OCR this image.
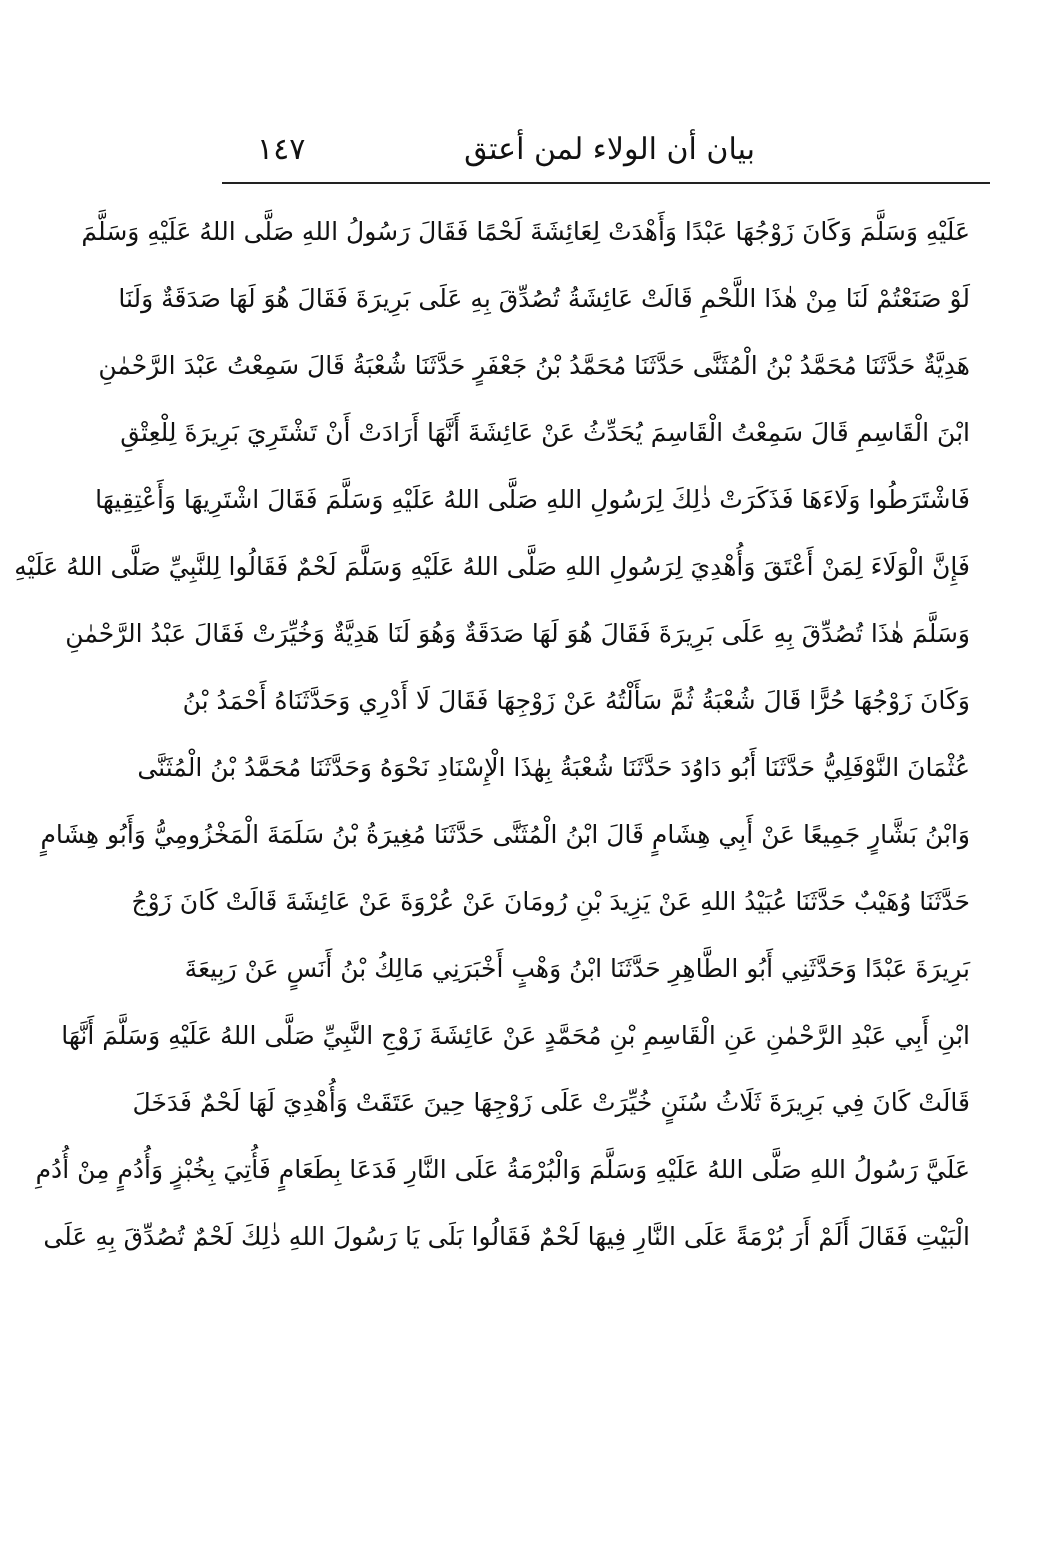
بيان أن الولاء لمن أعتق
١٤٧
عَلَيْهِ وَسَلَّمَ وَكَانَ زَوْجُهَا عَبْدًا وَأَهْدَتْ لِعَائِشَةَ لَحْمًا فَقَالَ رَسُولُ اللهِ صَلَّى اللهُ عَلَيْهِ وَسَلَّمَ
لَوْ صَنَعْتُمْ لَنَا مِنْ هٰذَا اللَّحْمِ قَالَتْ عَائِشَةُ تُصُدِّقَ بِهِ عَلَى بَرِيرَةَ فَقَالَ هُوَ لَهَا صَدَقَةٌ وَلَنَا
هَدِيَّةٌ حَدَّثَنَا مُحَمَّدُ بْنُ الْمُثَنَّى حَدَّثَنَا مُحَمَّدُ بْنُ جَعْفَرٍ حَدَّثَنَا شُعْبَةُ قَالَ سَمِعْتُ عَبْدَ الرَّحْمٰنِ
ابْنَ الْقَاسِمِ قَالَ سَمِعْتُ الْقَاسِمَ يُحَدِّثُ عَنْ عَائِشَةَ أَنَّهَا أَرَادَتْ أَنْ تَشْتَرِيَ بَرِيرَةَ لِلْعِتْقِ
فَاشْتَرَطُوا وَلَاءَهَا فَذَكَرَتْ ذٰلِكَ لِرَسُولِ اللهِ صَلَّى اللهُ عَلَيْهِ وَسَلَّمَ فَقَالَ اشْتَرِيهَا وَأَعْتِقِيهَا
فَإِنَّ الْوَلَاءَ لِمَنْ أَعْتَقَ وَأُهْدِيَ لِرَسُولِ اللهِ صَلَّى اللهُ عَلَيْهِ وَسَلَّمَ لَحْمٌ فَقَالُوا لِلنَّبِيِّ صَلَّى اللهُ عَلَيْهِ
وَسَلَّمَ هٰذَا تُصُدِّقَ بِهِ عَلَى بَرِيرَةَ فَقَالَ هُوَ لَهَا صَدَقَةٌ وَهُوَ لَنَا هَدِيَّةٌ وَخُيِّرَتْ فَقَالَ عَبْدُ الرَّحْمٰنِ
وَكَانَ زَوْجُهَا حُرًّا قَالَ شُعْبَةُ ثُمَّ سَأَلْتُهُ عَنْ زَوْجِهَا فَقَالَ لَا أَدْرِي وَحَدَّثَنَاهُ أَحْمَدُ بْنُ
عُثْمَانَ النَّوْفَلِيُّ حَدَّثَنَا أَبُو دَاوُدَ حَدَّثَنَا شُعْبَةُ بِهٰذَا الْإِسْنَادِ نَحْوَهُ وَحَدَّثَنَا مُحَمَّدُ بْنُ الْمُثَنَّى
وَابْنُ بَشَّارٍ جَمِيعًا عَنْ أَبِي هِشَامٍ قَالَ ابْنُ الْمُثَنَّى حَدَّثَنَا مُغِيرَةُ بْنُ سَلَمَةَ الْمَخْزُومِيُّ وَأَبُو هِشَامٍ
حَدَّثَنَا وُهَيْبٌ حَدَّثَنَا عُبَيْدُ اللهِ عَنْ يَزِيدَ بْنِ رُومَانَ عَنْ عُرْوَةَ عَنْ عَائِشَةَ قَالَتْ كَانَ زَوْجُ
بَرِيرَةَ عَبْدًا وَحَدَّثَنِي أَبُو الطَّاهِرِ حَدَّثَنَا ابْنُ وَهْبٍ أَخْبَرَنِي مَالِكُ بْنُ أَنَسٍ عَنْ رَبِيعَةَ
ابْنِ أَبِي عَبْدِ الرَّحْمٰنِ عَنِ الْقَاسِمِ بْنِ مُحَمَّدٍ عَنْ عَائِشَةَ زَوْجِ النَّبِيِّ صَلَّى اللهُ عَلَيْهِ وَسَلَّمَ أَنَّهَا
قَالَتْ كَانَ فِي بَرِيرَةَ ثَلَاثُ سُنَنٍ خُيِّرَتْ عَلَى زَوْجِهَا حِينَ عَتَقَتْ وَأُهْدِيَ لَهَا لَحْمٌ فَدَخَلَ
عَلَيَّ رَسُولُ اللهِ صَلَّى اللهُ عَلَيْهِ وَسَلَّمَ وَالْبُرْمَةُ عَلَى النَّارِ فَدَعَا بِطَعَامٍ فَأُتِيَ بِخُبْزٍ وَأُدُمٍ مِنْ أُدُمِ
الْبَيْتِ فَقَالَ أَلَمْ أَرَ بُرْمَةً عَلَى النَّارِ فِيهَا لَحْمٌ فَقَالُوا بَلَى يَا رَسُولَ اللهِ ذٰلِكَ لَحْمٌ تُصُدِّقَ بِهِ عَلَى
